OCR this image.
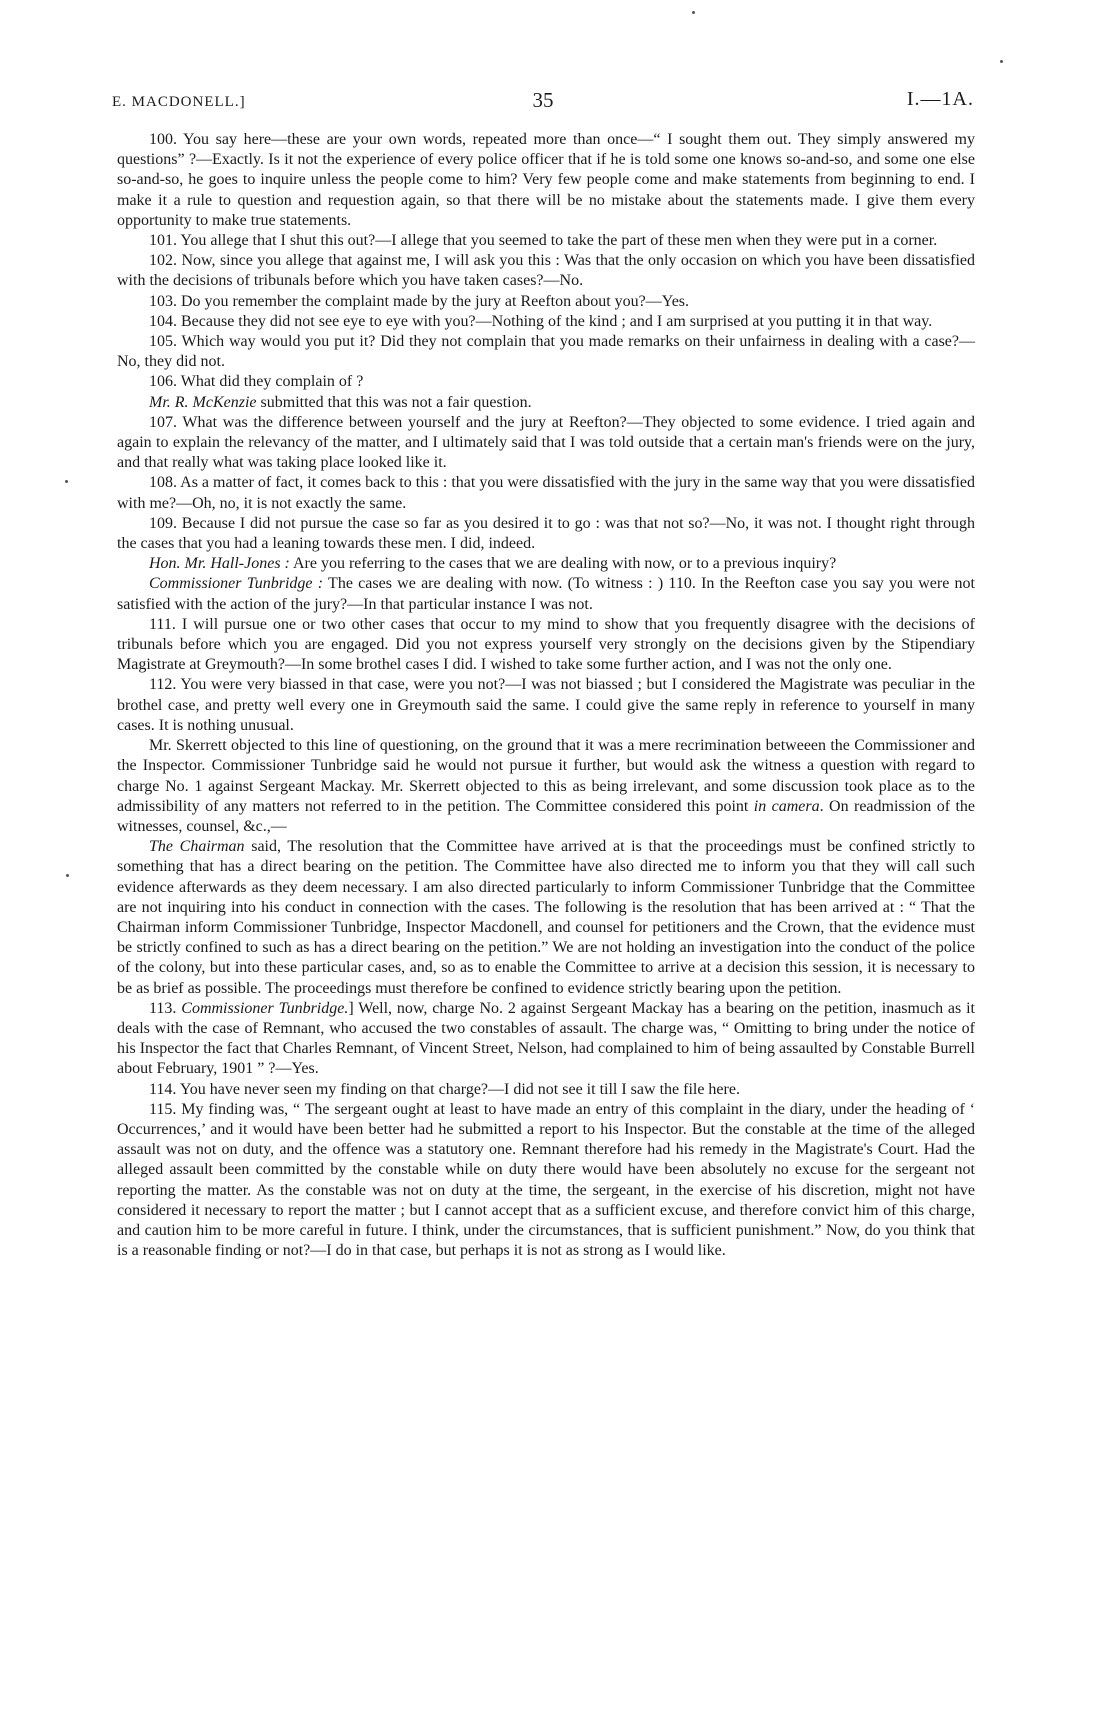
E. MACDONELL.]	35	I.—1A.

100. You say here—these are your own words, repeated more than once—“ I sought them out. They simply answered my questions” ?—Exactly. Is it not the experience of every police officer that if he is told some one knows so-and-so, and some one else so-and-so, he goes to inquire unless the people come to him? Very few people come and make statements from beginning to end. I make it a rule to question and requestion again, so that there will be no mistake about the statements made. I give them every opportunity to make true statements.

101. You allege that I shut this out?—I allege that you seemed to take the part of these men when they were put in a corner.

102. Now, since you allege that against me, I will ask you this : Was that the only occasion on which you have been dissatisfied with the decisions of tribunals before which you have taken cases?—No.

103. Do you remember the complaint made by the jury at Reefton about you?—Yes.

104. Because they did not see eye to eye with you?—Nothing of the kind ; and I am surprised at you putting it in that way.

105. Which way would you put it? Did they not complain that you made remarks on their unfairness in dealing with a case?—No, they did not.

106. What did they complain of ?

Mr. R. McKenzie submitted that this was not a fair question.

107. What was the difference between yourself and the jury at Reefton?—They objected to some evidence. I tried again and again to explain the relevancy of the matter, and I ultimately said that I was told outside that a certain man's friends were on the jury, and that really what was taking place looked like it.

108. As a matter of fact, it comes back to this : that you were dissatisfied with the jury in the same way that you were dissatisfied with me?—Oh, no, it is not exactly the same.

109. Because I did not pursue the case so far as you desired it to go : was that not so?—No, it was not. I thought right through the cases that you had a leaning towards these men. I did, indeed.

Hon. Mr. Hall-Jones : Are you referring to the cases that we are dealing with now, or to a previous inquiry?

Commissioner Tunbridge : The cases we are dealing with now. (To witness : ) 110. In the Reefton case you say you were not satisfied with the action of the jury?—In that particular instance I was not.

111. I will pursue one or two other cases that occur to my mind to show that you frequently disagree with the decisions of tribunals before which you are engaged. Did you not express yourself very strongly on the decisions given by the Stipendiary Magistrate at Greymouth?—In some brothel cases I did. I wished to take some further action, and I was not the only one.

112. You were very biassed in that case, were you not?—I was not biassed ; but I considered the Magistrate was peculiar in the brothel case, and pretty well every one in Greymouth said the same. I could give the same reply in reference to yourself in many cases. It is nothing unusual.

Mr. Skerrett objected to this line of questioning, on the ground that it was a mere recrimination betweeen the Commissioner and the Inspector. Commissioner Tunbridge said he would not pursue it further, but would ask the witness a question with regard to charge No. 1 against Sergeant Mackay. Mr. Skerrett objected to this as being irrelevant, and some discussion took place as to the admissibility of any matters not referred to in the petition. The Committee considered this point in camera. On readmission of the witnesses, counsel, &c.,—

The Chairman said, The resolution that the Committee have arrived at is that the proceedings must be confined strictly to something that has a direct bearing on the petition. The Committee have also directed me to inform you that they will call such evidence afterwards as they deem necessary. I am also directed particularly to inform Commissioner Tunbridge that the Committee are not inquiring into his conduct in connection with the cases. The following is the resolution that has been arrived at : “ That the Chairman inform Commissioner Tunbridge, Inspector Macdonell, and counsel for petitioners and the Crown, that the evidence must be strictly confined to such as has a direct bearing on the petition.” We are not holding an investigation into the conduct of the police of the colony, but into these particular cases, and, so as to enable the Committee to arrive at a decision this session, it is necessary to be as brief as possible. The proceedings must therefore be confined to evidence strictly bearing upon the petition.

113. Commissioner Tunbridge.] Well, now, charge No. 2 against Sergeant Mackay has a bearing on the petition, inasmuch as it deals with the case of Remnant, who accused the two constables of assault. The charge was, “ Omitting to bring under the notice of his Inspector the fact that Charles Remnant, of Vincent Street, Nelson, had complained to him of being assaulted by Constable Burrell about February, 1901 ” ?—Yes.

114. You have never seen my finding on that charge?—I did not see it till I saw the file here.

115. My finding was, “ The sergeant ought at least to have made an entry of this complaint in the diary, under the heading of ‘ Occurrences,’ and it would have been better had he submitted a report to his Inspector. But the constable at the time of the alleged assault was not on duty, and the offence was a statutory one. Remnant therefore had his remedy in the Magistrate's Court. Had the alleged assault been committed by the constable while on duty there would have been absolutely no excuse for the sergeant not reporting the matter. As the constable was not on duty at the time, the sergeant, in the exercise of his discretion, might not have considered it necessary to report the matter ; but I cannot accept that as a sufficient excuse, and therefore convict him of this charge, and caution him to be more careful in future. I think, under the circumstances, that is sufficient punishment.” Now, do you think that is a reasonable finding or not?—I do in that case, but perhaps it is not as strong as I would like.
